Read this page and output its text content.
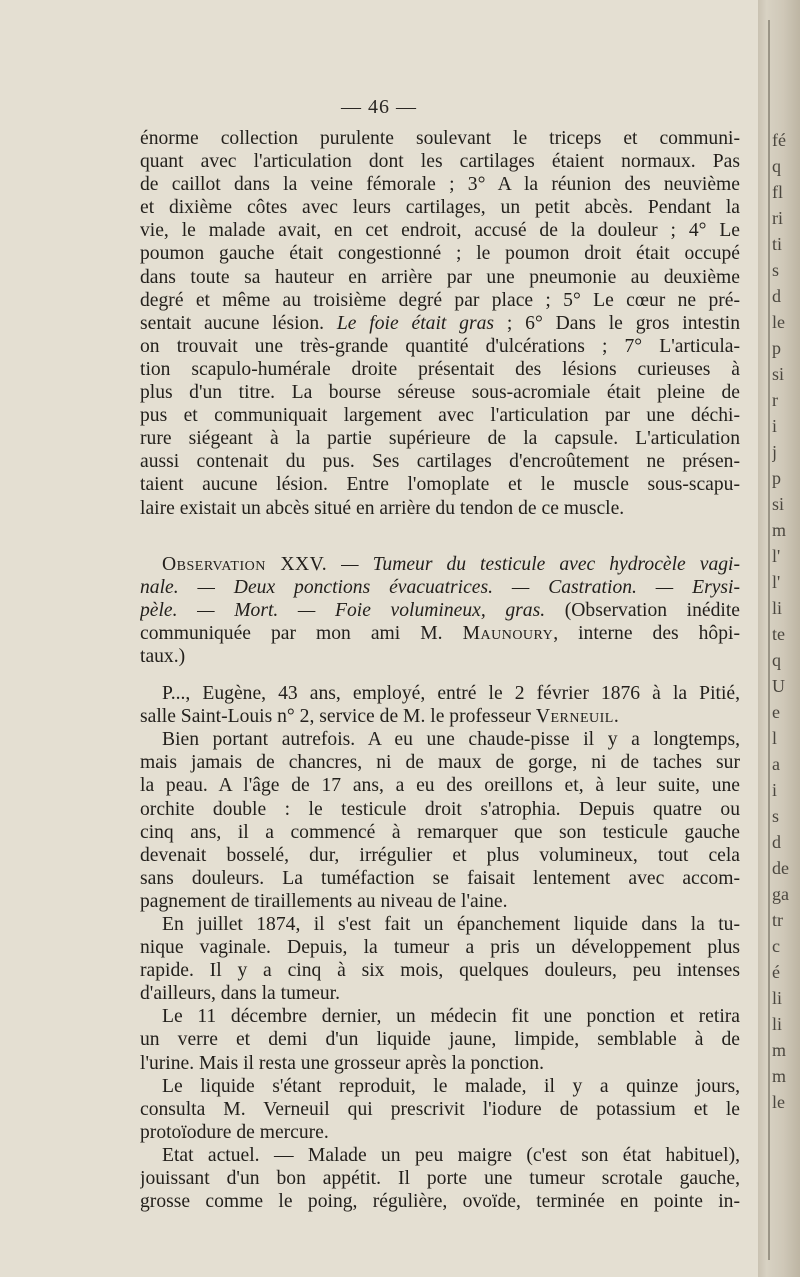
fé
q
fl
ri
ti
s
d
le
p
si
r
i
j
p
si
m
l'
l'
li
te
q
U
e
l
a
i
s
d
de
ga
tr
c
é
li
li
m
m
le
— 46 —
énorme collection purulente soulevant le triceps et communi-
quant avec l'articulation dont les cartilages étaient normaux. Pas
de caillot dans la veine fémorale ; 3° A la réunion des neuvième
et dixième côtes avec leurs cartilages, un petit abcès. Pendant la
vie, le malade avait, en cet endroit, accusé de la douleur ; 4° Le
poumon gauche était congestionné ; le poumon droit était occupé
dans toute sa hauteur en arrière par une pneumonie au deuxième
degré et même au troisième degré par place ; 5° Le cœur ne pré-
sentait aucune lésion. Le foie était gras ; 6° Dans le gros intestin
on trouvait une très-grande quantité d'ulcérations ; 7° L'articula-
tion scapulo-humérale droite présentait des lésions curieuses à
plus d'un titre. La bourse séreuse sous-acromiale était pleine de
pus et communiquait largement avec l'articulation par une déchi-
rure siégeant à la partie supérieure de la capsule. L'articulation
aussi contenait du pus. Ses cartilages d'encroûtement ne présen-
taient aucune lésion. Entre l'omoplate et le muscle sous-scapu-
laire existait un abcès situé en arrière du tendon de ce muscle.
Observation XXV. — Tumeur du testicule avec hydrocèle vagi-
nale. — Deux ponctions évacuatrices. — Castration. — Erysi-
pèle. — Mort. — Foie volumineux, gras. (Observation inédite
communiquée par mon ami M. Maunoury, interne des hôpi-
taux.)
P..., Eugène, 43 ans, employé, entré le 2 février 1876 à la Pitié,
salle Saint-Louis n° 2, service de M. le professeur Verneuil.
Bien portant autrefois. A eu une chaude-pisse il y a longtemps,
mais jamais de chancres, ni de maux de gorge, ni de taches sur
la peau. A l'âge de 17 ans, a eu des oreillons et, à leur suite, une
orchite double : le testicule droit s'atrophia. Depuis quatre ou
cinq ans, il a commencé à remarquer que son testicule gauche
devenait bosselé, dur, irrégulier et plus volumineux, tout cela
sans douleurs. La tuméfaction se faisait lentement avec accom-
pagnement de tiraillements au niveau de l'aine.
En juillet 1874, il s'est fait un épanchement liquide dans la tu-
nique vaginale. Depuis, la tumeur a pris un développement plus
rapide. Il y a cinq à six mois, quelques douleurs, peu intenses
d'ailleurs, dans la tumeur.
Le 11 décembre dernier, un médecin fit une ponction et retira
un verre et demi d'un liquide jaune, limpide, semblable à de
l'urine. Mais il resta une grosseur après la ponction.
Le liquide s'étant reproduit, le malade, il y a quinze jours,
consulta M. Verneuil qui prescrivit l'iodure de potassium et le
protoïodure de mercure.
Etat actuel. — Malade un peu maigre (c'est son état habituel),
jouissant d'un bon appétit. Il porte une tumeur scrotale gauche,
grosse comme le poing, régulière, ovoïde, terminée en pointe in-
